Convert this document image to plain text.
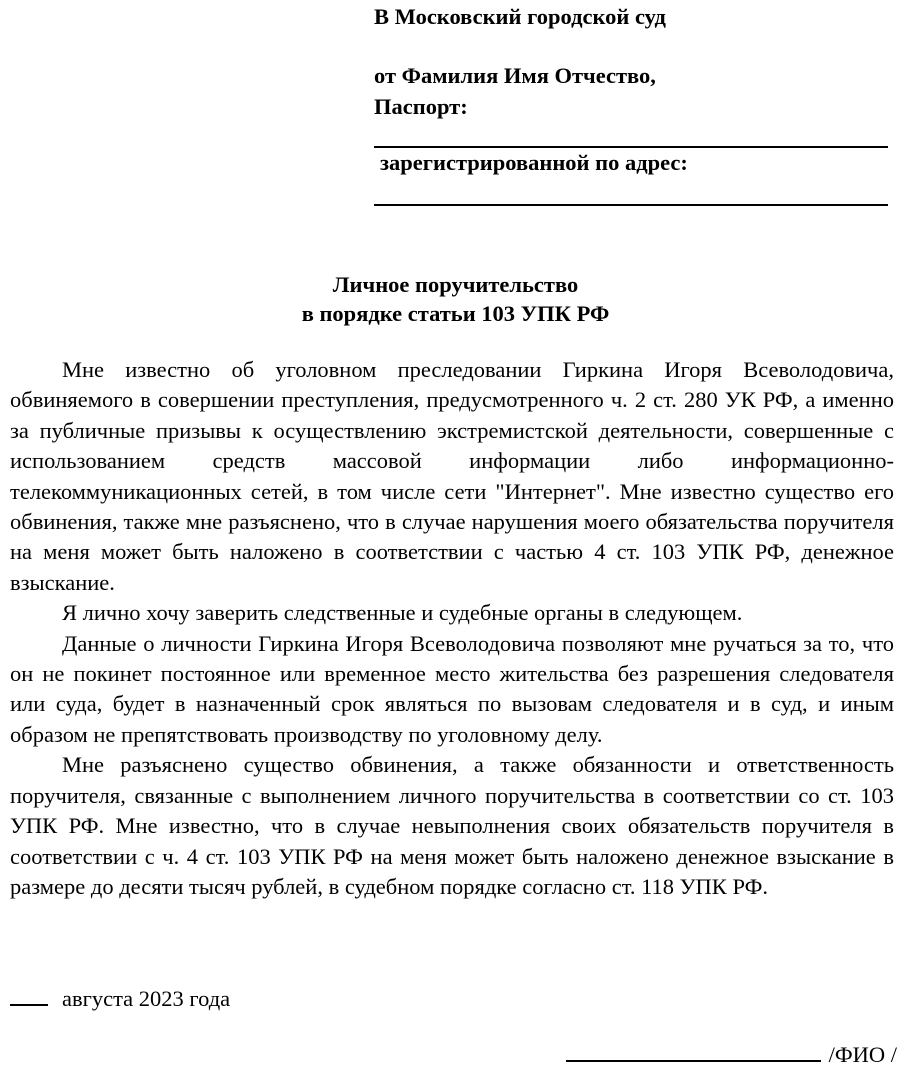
В Московский городской суд
от Фамилия Имя Отчество,
Паспорт:
зарегистрированной по адрес:
Личное поручительство
в порядке статьи 103 УПК РФ

Мне известно об уголовном преследовании Гиркина Игоря Всеволодовича, обвиняемого в совершении преступления, предусмотренного ч. 2 ст. 280 УК РФ, а именно за публичные призывы к осуществлению экстремистской деятельности, совершенные с использованием средств массовой информации либо информационно-телекоммуникационных сетей, в том числе сети "Интернет". Мне известно существо его обвинения, также мне разъяснено, что в случае нарушения моего обязательства поручителя на меня может быть наложено в соответствии с частью 4 ст. 103 УПК РФ, денежное взыскание.

Я лично хочу заверить следственные и судебные органы в следующем.

Данные о личности Гиркина Игоря Всеволодовича позволяют мне ручаться за то, что он не покинет постоянное или временное место жительства без разрешения следователя или суда, будет в назначенный срок являться по вызовам следователя и в суд, и иным образом не препятствовать производству по уголовному делу.

Мне разъяснено существо обвинения, а также обязанности и ответственность поручителя, связанные с выполнением личного поручительства в соответствии со ст. 103 УПК РФ. Мне известно, что в случае невыполнения своих обязательств поручителя в соответствии с ч. 4 ст. 103 УПК РФ на меня может быть наложено денежное взыскание в размере до десяти тысяч рублей, в судебном порядке согласно ст. 118 УПК РФ.

августа 2023 года
/ФИО /
